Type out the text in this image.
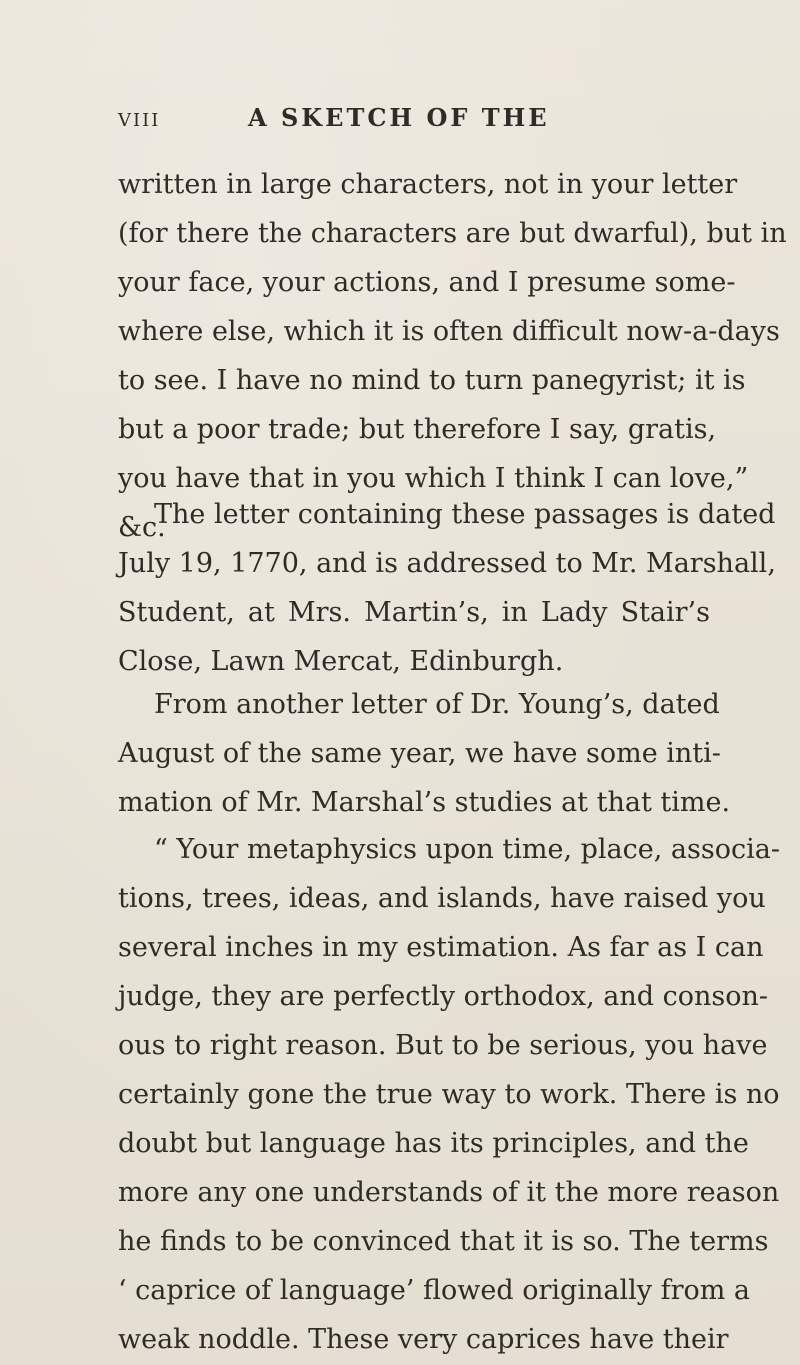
viii	A SKETCH OF THE
written in large characters, not in your letter
(for there the characters are but dwarful), but in
your face, your actions, and I presume some-
where else, which it is often difficult now-a-days
to see. I have no mind to turn panegyrist; it is
but a poor trade; but therefore I say, gratis,
you have that in you which I think I can love,”
&c.
The letter containing these passages is dated
July 19, 1770, and is addressed to Mr. Marshall,
Student, at Mrs. Martin’s, in Lady Stair’s
Close, Lawn Mercat, Edinburgh.
From another letter of Dr. Young’s, dated
August of the same year, we have some inti-
mation of Mr. Marshal’s studies at that time.
“ Your metaphysics upon time, place, associa-
tions, trees, ideas, and islands, have raised you
several inches in my estimation. As far as I can
judge, they are perfectly orthodox, and conson-
ous to right reason. But to be serious, you have
certainly gone the true way to work. There is no
doubt but language has its principles, and the
more any one understands of it the more reason
he finds to be convinced that it is so. The terms
‘ caprice of language’ flowed originally from a
weak noddle. These very caprices have their
